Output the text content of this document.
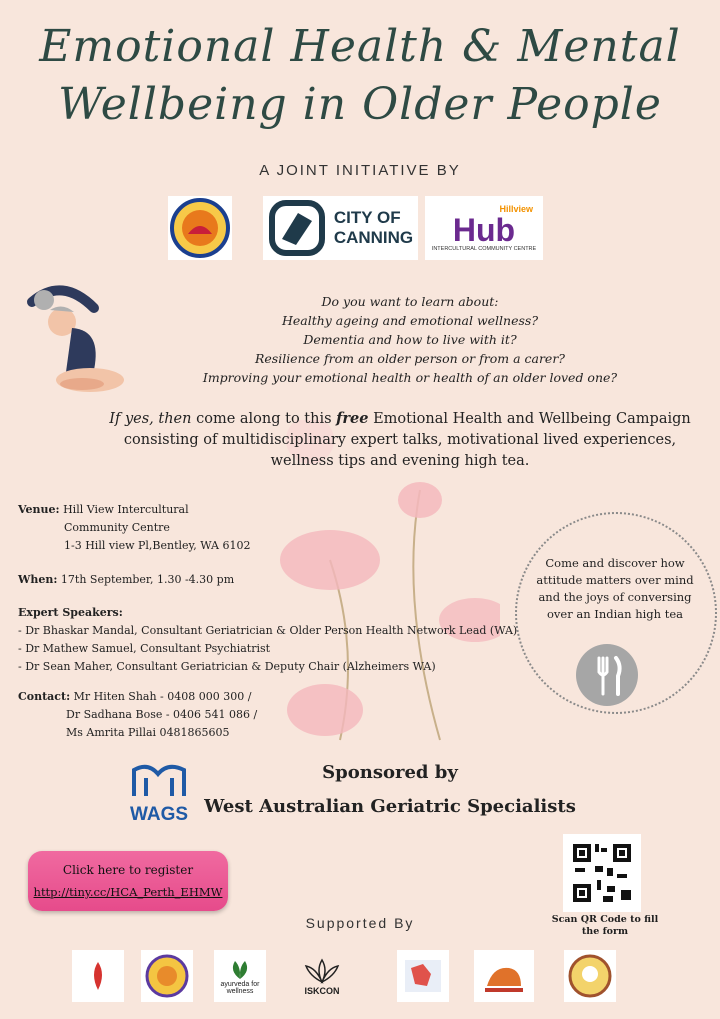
Emotional Health & Mental
Wellbeing in Older People
A JOINT INITIATIVE BY
CITY OF
CANNING
Hillview
Hub
INTERCULTURAL COMMUNITY CENTRE
Do you want to learn about:
Healthy ageing and emotional wellness?
Dementia and how to live with it?
Resilience from an older person or from a carer?
Improving your emotional health or health of an older loved one?
If yes, then come along to this free Emotional Health and Wellbeing Campaign consisting of multidisciplinary expert talks, motivational lived experiences, wellness tips and evening high tea.
Venue: Hill View Intercultural
Community Centre
1-3 Hill view Pl,Bentley, WA 6102
When: 17th September, 1.30 -4.30 pm
Expert Speakers:
- Dr Bhaskar Mandal, Consultant Geriatrician & Older Person Health Network Lead (WA)
- Dr Mathew Samuel, Consultant Psychiatrist
- Dr Sean Maher, Consultant Geriatrician & Deputy Chair (Alzheimers WA)
Contact: Mr Hiten Shah - 0408 000 300 /
Dr Sadhana Bose - 0406 541 086 /
Ms Amrita Pillai 0481865605
Come and discover how attitude matters over mind and the joys of conversing over an Indian high tea
WAGS
Sponsored by
West Australian Geriatric Specialists
Click here to register
http://tiny.cc/HCA_Perth_EHMW
Scan QR Code to fill the form
Supported By
ayurveda for wellness	ISKCON
